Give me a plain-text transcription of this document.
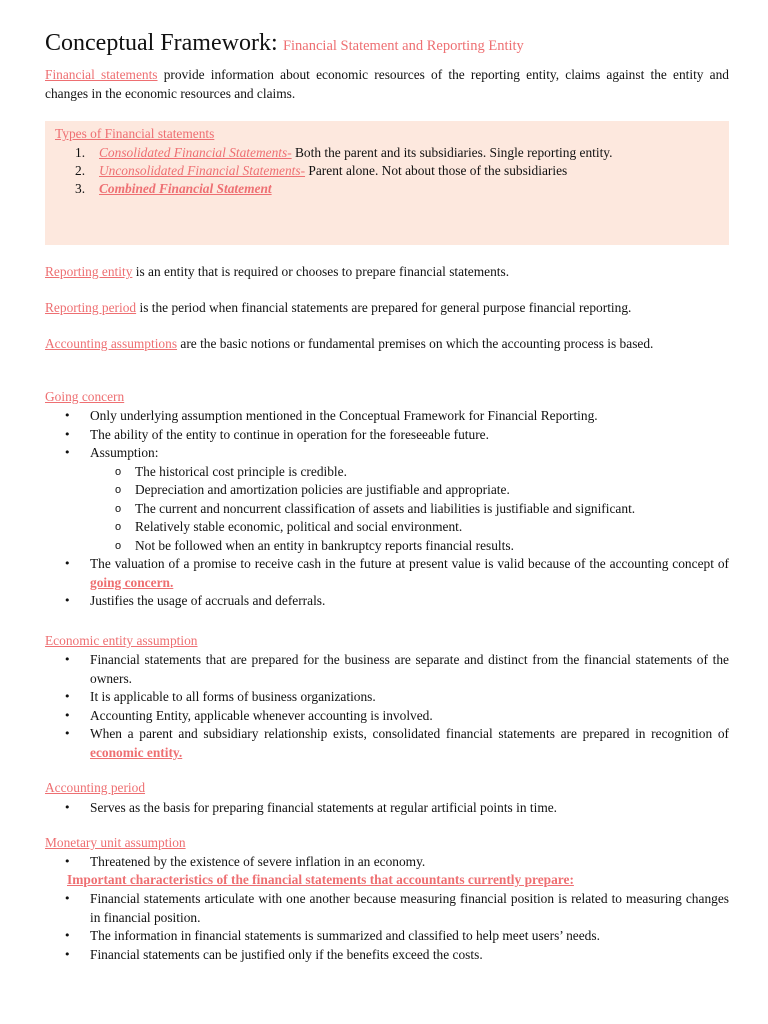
Conceptual Framework: Financial Statement and Reporting Entity
Financial statements provide information about economic resources of the reporting entity, claims against the entity and changes in the economic resources and claims.
Types of Financial statements
1. Consolidated Financial Statements- Both the parent and its subsidiaries. Single reporting entity.
2. Unconsolidated Financial Statements- Parent alone. Not about those of the subsidiaries
3. Combined Financial Statement
Reporting entity is an entity that is required or chooses to prepare financial statements.
Reporting period is the period when financial statements are prepared for general purpose financial reporting.
Accounting assumptions are the basic notions or fundamental premises on which the accounting process is based.
Going concern
• Only underlying assumption mentioned in the Conceptual Framework for Financial Reporting.
• The ability of the entity to continue in operation for the foreseeable future.
• Assumption:
o The historical cost principle is credible.
o Depreciation and amortization policies are justifiable and appropriate.
o The current and noncurrent classification of assets and liabilities is justifiable and significant.
o Relatively stable economic, political and social environment.
o Not be followed when an entity in bankruptcy reports financial results.
• The valuation of a promise to receive cash in the future at present value is valid because of the accounting concept of going concern.
• Justifies the usage of accruals and deferrals.
Economic entity assumption
• Financial statements that are prepared for the business are separate and distinct from the financial statements of the owners.
• It is applicable to all forms of business organizations.
• Accounting Entity, applicable whenever accounting is involved.
• When a parent and subsidiary relationship exists, consolidated financial statements are prepared in recognition of economic entity.
Accounting period
• Serves as the basis for preparing financial statements at regular artificial points in time.
Monetary unit assumption
• Threatened by the existence of severe inflation in an economy.
Important characteristics of the financial statements that accountants currently prepare:
• Financial statements articulate with one another because measuring financial position is related to measuring changes in financial position.
• The information in financial statements is summarized and classified to help meet users’ needs.
• Financial statements can be justified only if the benefits exceed the costs.
